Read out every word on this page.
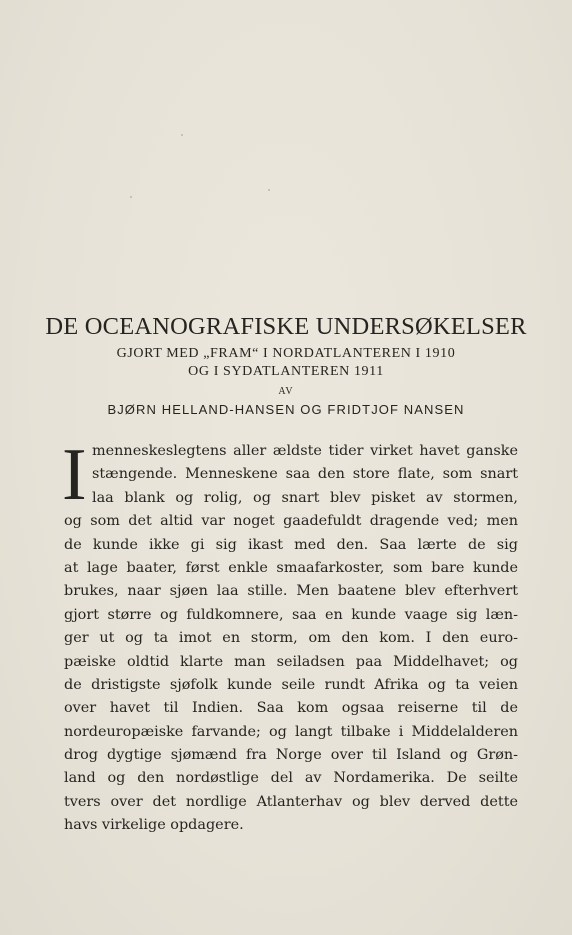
DE OCEANOGRAFISKE UNDERSØKELSER

GJORT MED „FRAM“ I NORDATLANTEREN I 1910

OG I SYDATLANTEREN 1911

AV

BJØRN HELLAND-HANSEN OG FRIDTJOF NANSEN

I menneskeslegtens aller ældste tider virket havet ganske
stængende. Menneskene saa den store flate, som snart
laa blank og rolig, og snart blev pisket av stormen,
og som det altid var noget gaadefuldt dragende ved; men
de kunde ikke gi sig ikast med den. Saa lærte de sig
at lage baater, først enkle smaafarkoster, som bare kunde
brukes, naar sjøen laa stille. Men baatene blev efterhvert
gjort større og fuldkomnere, saa en kunde vaage sig læn-
ger ut og ta imot en storm, om den kom. I den euro-
pæiske oldtid klarte man seiladsen paa Middelhavet; og
de dristigste sjøfolk kunde seile rundt Afrika og ta veien
over havet til Indien. Saa kom ogsaa reiserne til de
nordeuropæiske farvande; og langt tilbake i Middelalderen
drog dygtige sjømænd fra Norge over til Island og Grøn-
land og den nordøstlige del av Nordamerika. De seilte
tvers over det nordlige Atlanterhav og blev derved dette
havs virkelige opdagere.
